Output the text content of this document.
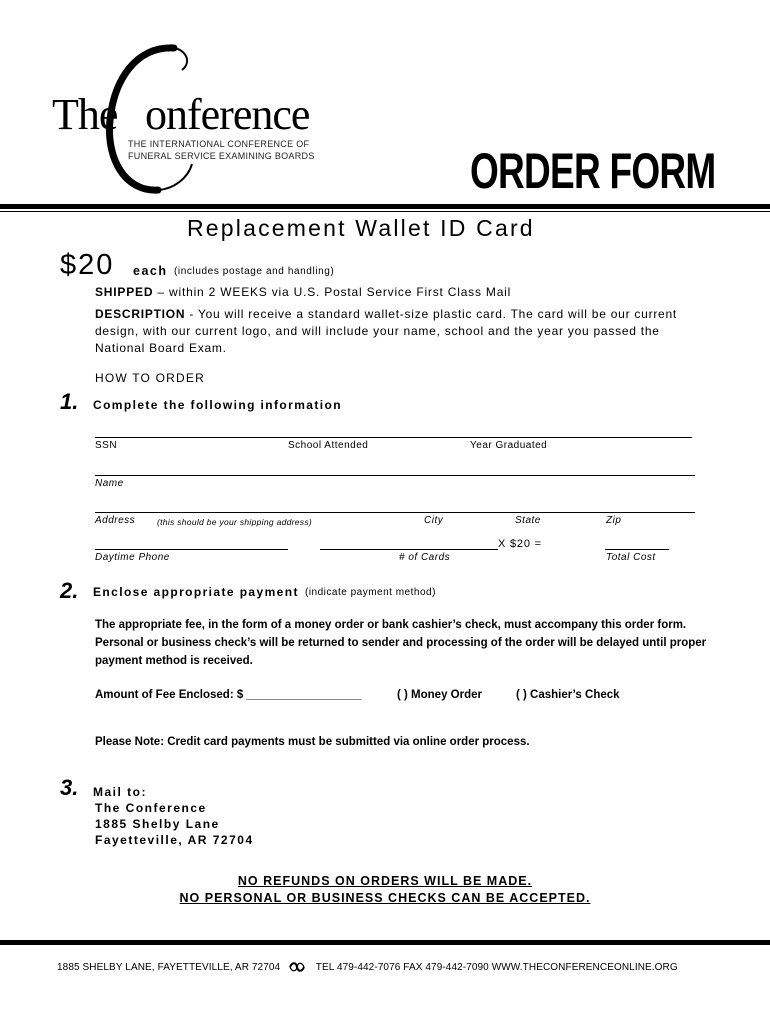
The onference
THE INTERNATIONAL CONFERENCE OF
FUNERAL SERVICE EXAMINING BOARDS	ORDER FORM
Replacement Wallet ID Card
$20 each (includes postage and handling)
SHIPPED – within 2 WEEKS via U.S. Postal Service First Class Mail
DESCRIPTION - You will receive a standard wallet-size plastic card. The card will be our current design, with our current logo, and will include your name, school and the year you passed the National Board Exam.
HOW TO ORDER
1. Complete the following information
SSN	School Attended	Year Graduated
Name
Address	(this should be your shipping address)	City	State	Zip
X $20 =
Daytime Phone	# of Cards	Total Cost
2. Enclose appropriate payment (indicate payment method)
The appropriate fee, in the form of a money order or bank cashier’s check, must accompany this order form. Personal or business check’s will be returned to sender and processing of the order will be delayed until proper payment method is received.
Amount of Fee Enclosed: $ __________________	( ) Money Order	( ) Cashier’s Check
Please Note: Credit card payments must be submitted via online order process.
3. Mail to:
The Conference
1885 Shelby Lane
Fayetteville, AR 72704
NO REFUNDS ON ORDERS WILL BE MADE.
NO PERSONAL OR BUSINESS CHECKS CAN BE ACCEPTED.
1885 SHELBY LANE, FAYETTEVILLE, AR 72704	TEL 479-442-7076 FAX 479-442-7090 WWW.THECONFERENCEONLINE.ORG
